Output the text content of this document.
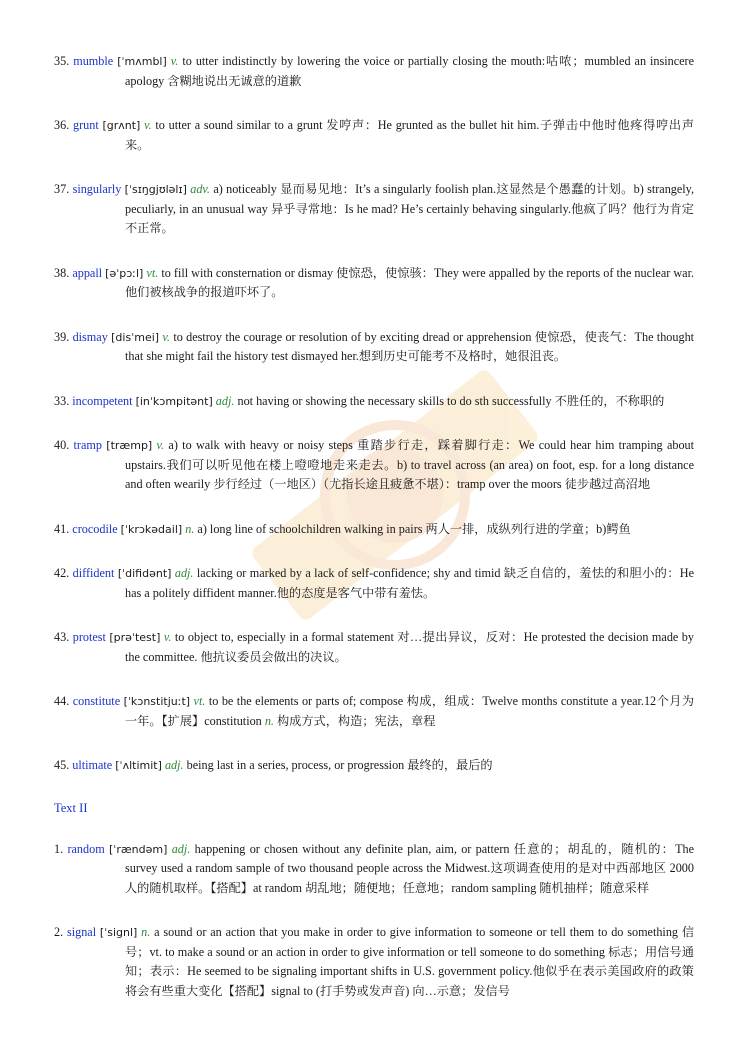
35. mumble [ˈmʌmbl] v. to utter indistinctly by lowering the voice or partially closing the mouth:咕哝；mumbled an insincere apology 含糊地说出无诚意的道歉

36. grunt [grʌnt] v. to utter a sound similar to a grunt 发哼声：He grunted as the bullet hit him.子弹击中他时他疼得哼出声来。

37. singularly [ˈsɪŋgjʊləlɪ] adv. a) noticeably 显而易见地：It’s a singularly foolish plan.这显然是个愚蠢的计划。b) strangely, peculiarly, in an unusual way 异乎寻常地：Is he mad? He’s certainly behaving singularly.他疯了吗？他行为肯定不正常。

38. appall [əˈpɔːl] vt. to fill with consternation or dismay 使惊恐，使惊骇：They were appalled by the reports of the nuclear war.他们被核战争的报道吓坏了。

39. dismay [disˈmei] v. to destroy the courage or resolution of by exciting dread or apprehension 使惊恐，使丧气：The thought that she might fail the history test dismayed her.想到历史可能考不及格时，她很沮丧。

33. incompetent [inˈkɔmpitənt] adj. not having or showing the necessary skills to do sth successfully 不胜任的，不称职的

40. tramp [træmp] v. a) to walk with heavy or noisy steps 重踏步行走，踩着脚行走：We could hear him tramping about upstairs.我们可以听见他在楼上噔噔地走来走去。b) to travel across (an area) on foot, esp. for a long distance and often wearily 步行经过（一地区）（尤指长途且疲惫不堪）：tramp over the moors 徒步越过高沼地

41. crocodile [ˈkrɔkədail] n. a) long line of schoolchildren walking in pairs 两人一排，成纵列行进的学童；b)鳄鱼

42. diffident [ˈdifidənt] adj. lacking or marked by a lack of self-confidence; shy and timid 缺乏自信的，羞怯的和胆小的：He has a politely diffident manner.他的态度是客气中带有羞怯。

43. protest [prəˈtest] v. to object to, especially in a formal statement 对…提出异议，反对：He protested the decision made by the committee. 他抗议委员会做出的决议。

44. constitute [ˈkɔnstitjuːt] vt. to be the elements or parts of; compose 构成，组成：Twelve months constitute a year.12个月为一年。【扩展】constitution n. 构成方式，构造；宪法，章程

45. ultimate [ˈʌltimit] adj. being last in a series, process, or progression 最终的，最后的

Text II

1. random [ˈrændəm] adj. happening or chosen without any definite plan, aim, or pattern 任意的；胡乱的，随机的：The survey used a random sample of two thousand people across the Midwest.这项调查使用的是对中西部地区 2000 人的随机取样。【搭配】at random 胡乱地；随便地；任意地；random sampling 随机抽样；随意采样

2. signal [ˈsignl] n. a sound or an action that you make in order to give information to someone or tell them to do something 信号；vt. to make a sound or an action in order to give information or tell someone to do something 标志；用信号通知；表示：He seemed to be signaling important shifts in U.S. government policy.他似乎在表示美国政府的政策将会有些重大变化【搭配】signal to (打手势或发声音) 向…示意；发信号
